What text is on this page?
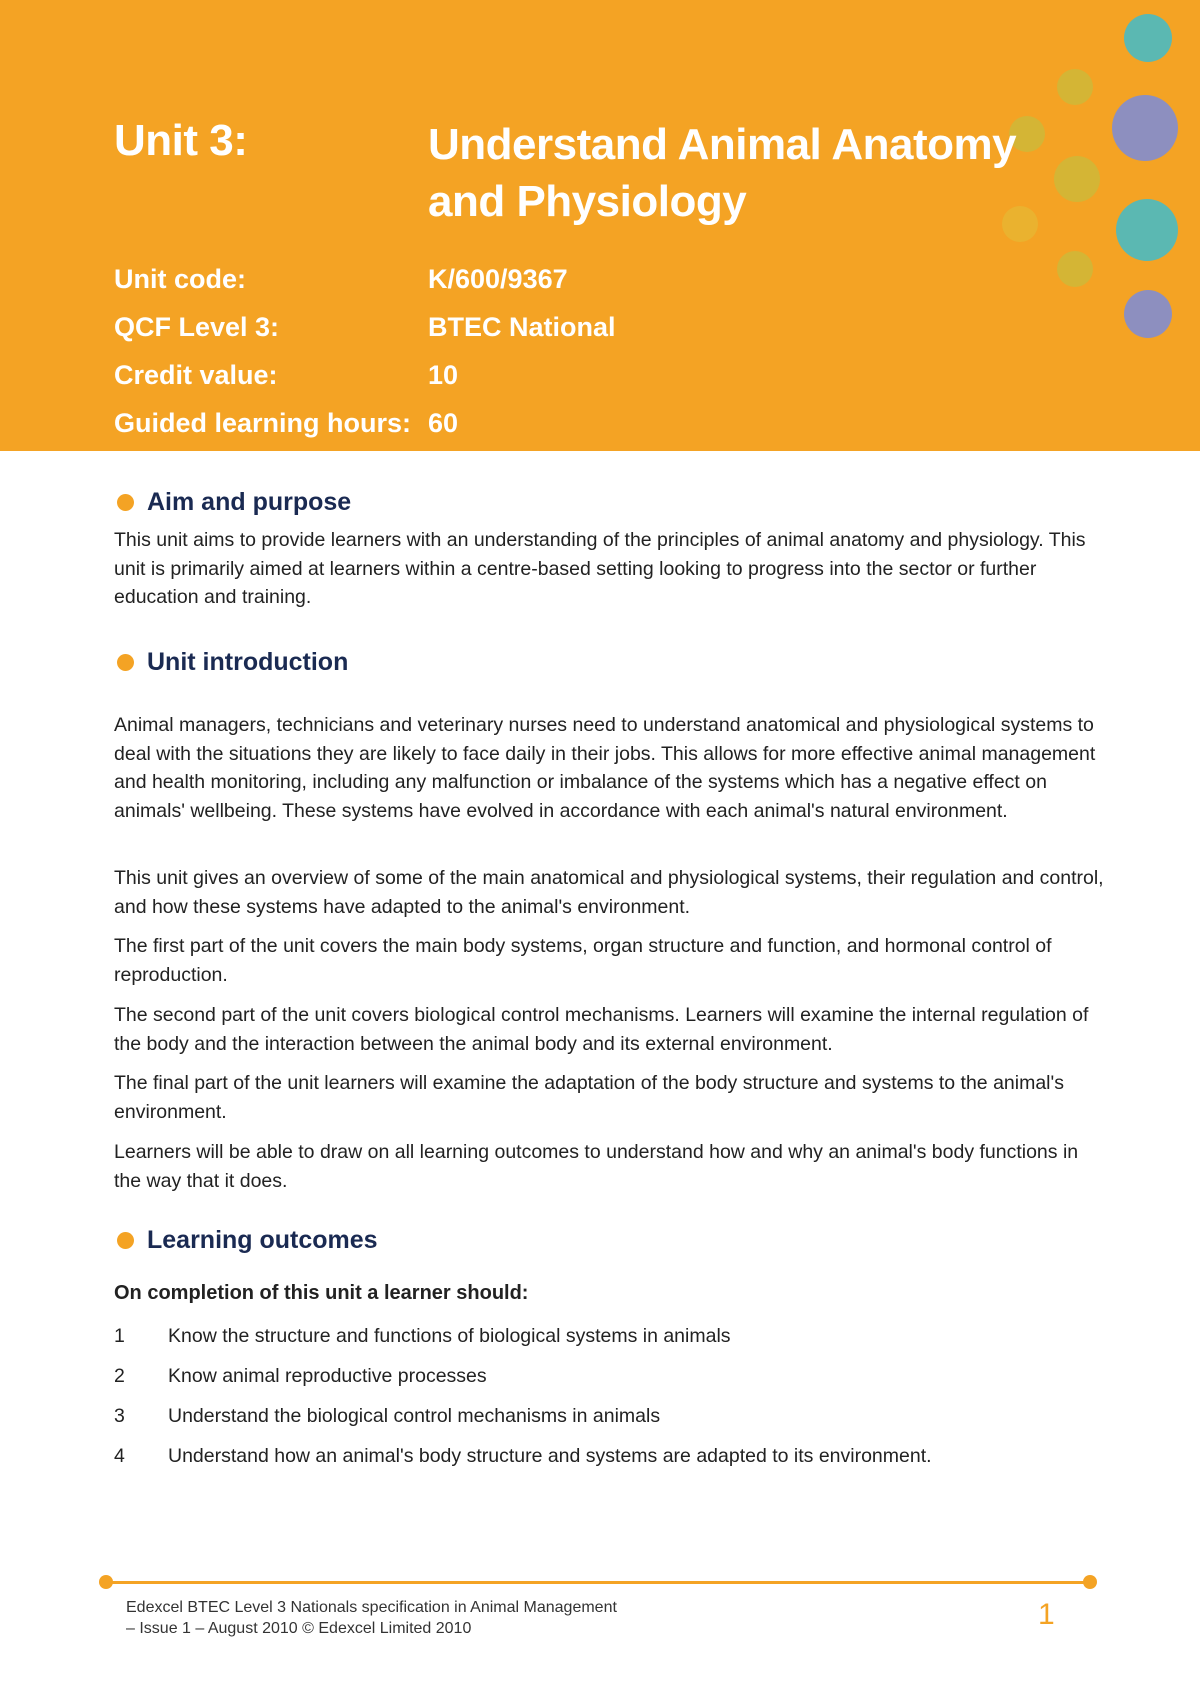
Unit 3:	Understand Animal Anatomy
and Physiology
Unit code:	K/600/9367
QCF Level 3:	BTEC National
Credit value:	10
Guided learning hours: 60
Aim and purpose

This unit aims to provide learners with an understanding of the principles of animal anatomy and physiology. This unit is primarily aimed at learners within a centre-based setting looking to progress into the sector or further education and training.

Unit introduction

Animal managers, technicians and veterinary nurses need to understand anatomical and physiological systems to deal with the situations they are likely to face daily in their jobs. This allows for more effective animal management and health monitoring, including any malfunction or imbalance of the systems which has a negative effect on animals' wellbeing. These systems have evolved in accordance with each animal's natural environment.

This unit gives an overview of some of the main anatomical and physiological systems, their regulation and control, and how these systems have adapted to the animal's environment.

The first part of the unit covers the main body systems, organ structure and function, and hormonal control of reproduction.

The second part of the unit covers biological control mechanisms. Learners will examine the internal regulation of the body and the interaction between the animal body and its external environment.

The final part of the unit learners will examine the adaptation of the body structure and systems to the animal's environment.

Learners will be able to draw on all learning outcomes to understand how and why an animal's body functions in the way that it does.

Learning outcomes
On completion of this unit a learner should:
1 Know the structure and functions of biological systems in animals
2 Know animal reproductive processes
3 Understand the biological control mechanisms in animals
4 Understand how an animal's body structure and systems are adapted to its environment.
Edexcel BTEC Level 3 Nationals specification in Animal Management
– Issue 1 – August 2010 © Edexcel Limited 2010	1
